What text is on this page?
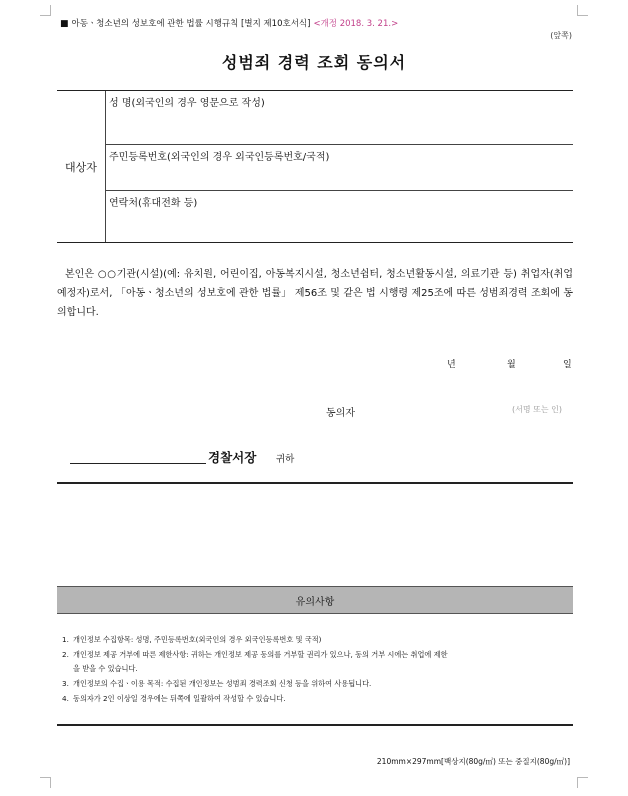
■ 아동ㆍ청소년의 성보호에 관한 법률 시행규칙 [별지 제10호서식] <개정 2018. 3. 21.>
(앞쪽)
성범죄 경력 조회 동의서
대상자
성 명(외국인의 경우 영문으로 작성)
주민등록번호(외국인의 경우 외국인등록번호/국적)
연락처(휴대전화 등)
본인은 ○○기관(시설)(예: 유치원, 어린이집, 아동복지시설, 청소년쉼터, 청소년활동시설, 의료기관 등) 취업자(취업예정자)로서, 「아동ㆍ청소년의 성보호에 관한 법률」 제56조 및 같은 법 시행령 제25조에 따른 성범죄경력 조회에 동의합니다.
년	월	일
동의자	(서명 또는 인)
경찰서장 귀하
유의사항
1. 개인정보 수집항목: 성명, 주민등록번호(외국인의 경우 외국인등록번호 및 국적)
2. 개인정보 제공 거부에 따른 제한사항: 귀하는 개인정보 제공 동의를 거부할 권리가 있으나, 동의 거부 시에는 취업에 제한
을 받을 수 있습니다.
3. 개인정보의 수집ㆍ이용 목적: 수집된 개인정보는 성범죄 경력조회 신청 등을 위하여 사용됩니다.
4. 동의자가 2인 이상일 경우에는 뒤쪽에 일괄하여 작성할 수 있습니다.
210mm×297mm[백상지(80g/㎡) 또는 중질지(80g/㎡)]
